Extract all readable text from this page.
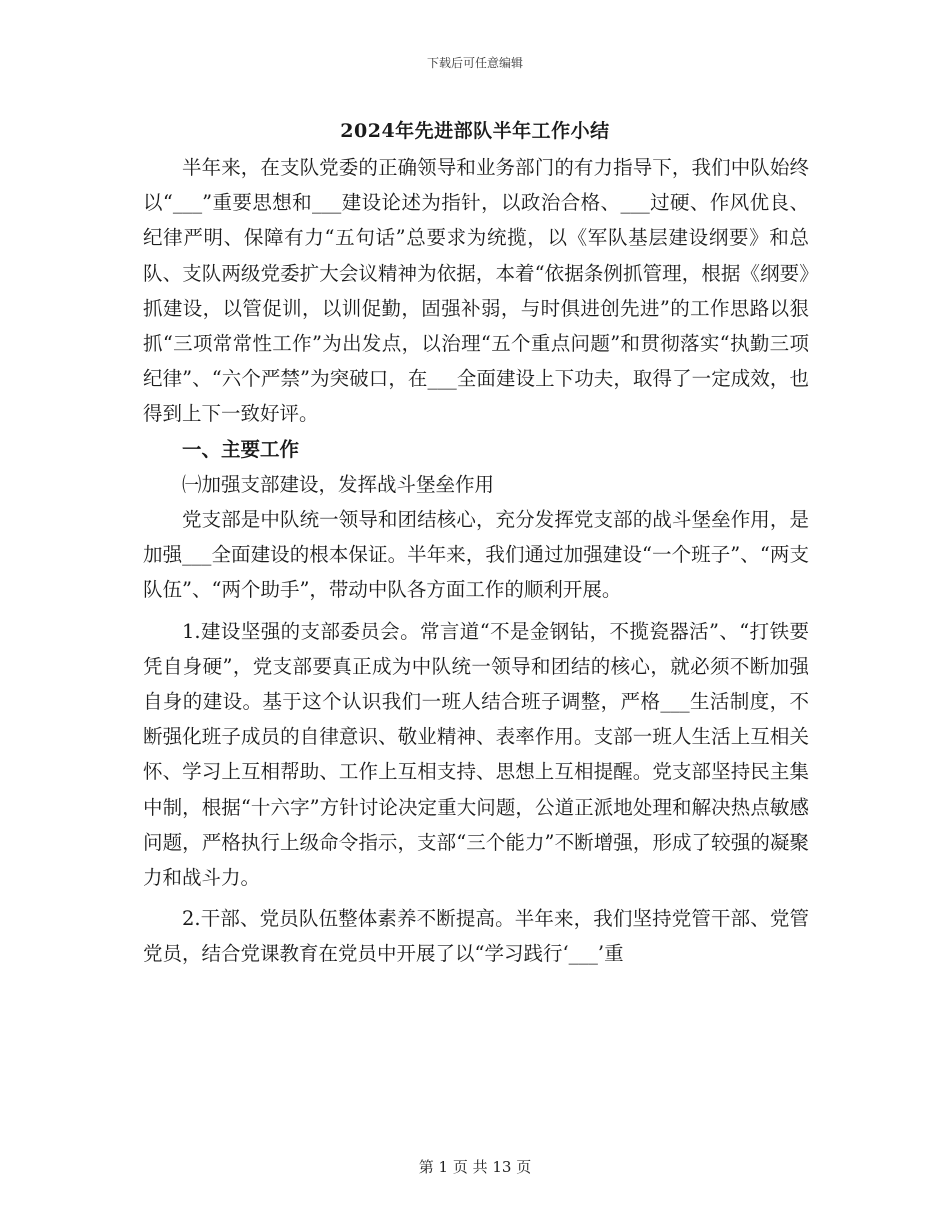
下载后可任意编辑
2024年先进部队半年工作小结

半年来，在支队党委的正确领导和业务部门的有力指导下，我们中队始终以“___”重要思想和___建设论述为指针，以政治合格、___过硬、作风优良、纪律严明、保障有力“五句话”总要求为统揽，以《军队基层建设纲要》和总队、支队两级党委扩大会议精神为依据，本着“依据条例抓管理，根据《纲要》抓建设，以管促训，以训促勤，固强补弱，与时俱进创先进”的工作思路以狠抓“三项常常性工作”为出发点，以治理“五个重点问题”和贯彻落实“执勤三项纪律”、“六个严禁”为突破口，在___全面建设上下功夫，取得了一定成效，也得到上下一致好评。

一、主要工作

㈠加强支部建设，发挥战斗堡垒作用

党支部是中队统一领导和团结核心，充分发挥党支部的战斗堡垒作用，是加强___全面建设的根本保证。半年来，我们通过加强建设“一个班子”、“两支队伍”、“两个助手”，带动中队各方面工作的顺利开展。

1.建设坚强的支部委员会。常言道“不是金钢钻，不揽瓷器活”、“打铁要凭自身硬”，党支部要真正成为中队统一领导和团结的核心，就必须不断加强自身的建设。基于这个认识我们一班人结合班子调整，严格___生活制度，不断强化班子成员的自律意识、敬业精神、表率作用。支部一班人生活上互相关怀、学习上互相帮助、工作上互相支持、思想上互相提醒。党支部坚持民主集中制，根据“十六字”方针讨论决定重大问题，公道正派地处理和解决热点敏感问题，严格执行上级命令指示，支部“三个能力”不断增强，形成了较强的凝聚力和战斗力。

2.干部、党员队伍整体素养不断提高。半年来，我们坚持党管干部、党管党员，结合党课教育在党员中开展了以“学习践行‘___’重

第 1 页 共 13 页
